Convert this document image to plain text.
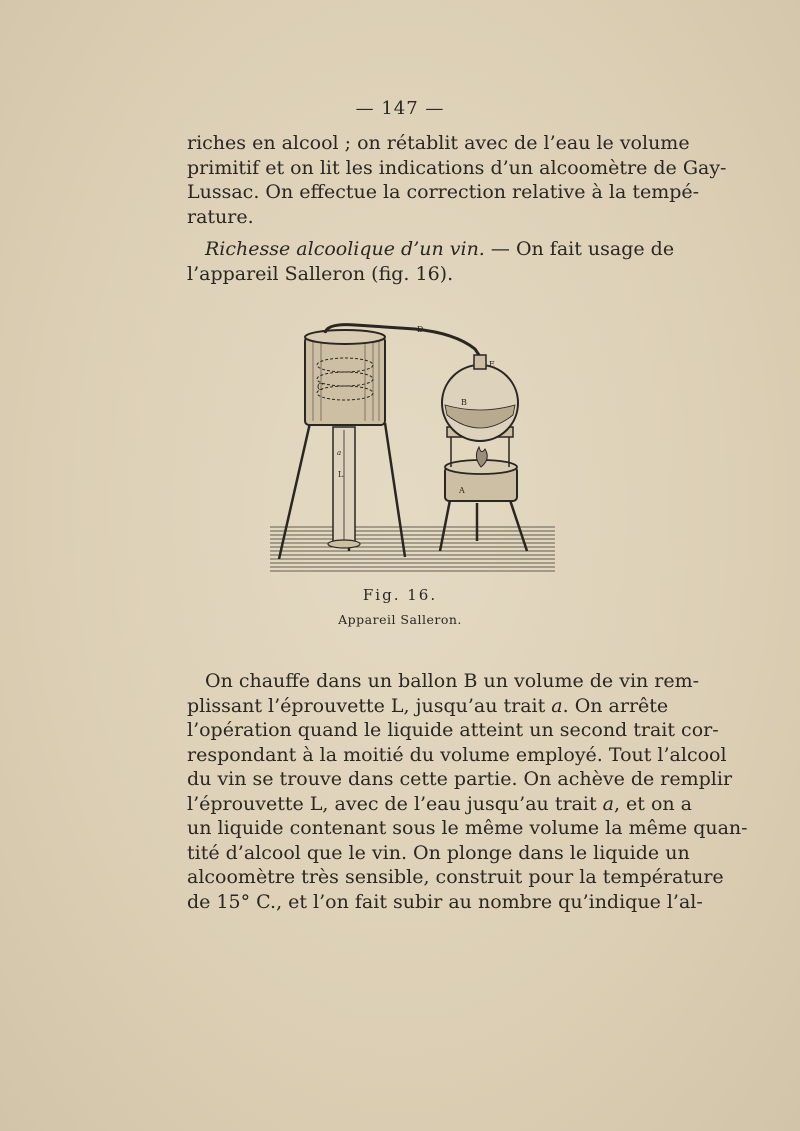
— 147 —
riches en alcool ; on rétablit avec de l’eau le volume
primitif et on lit les indications d’un alcoomètre de Gay-
Lussac. On effectue la correction relative à la tempé-
rature.
Richesse alcoolique d’un vin. — On fait usage de
l’appareil Salleron (fig. 16).
C
D
L
a
A
B
E
Fig. 16.
Appareil Salleron.
On chauffe dans un ballon B un volume de vin rem-
plissant l’éprouvette L, jusqu’au trait a. On arrête
l’opération quand le liquide atteint un second trait cor-
respondant à la moitié du volume employé. Tout l’alcool
du vin se trouve dans cette partie. On achève de remplir
l’éprouvette L, avec de l’eau jusqu’au trait a, et on a
un liquide contenant sous le même volume la même quan-
tité d’alcool que le vin. On plonge dans le liquide un
alcoomètre très sensible, construit pour la température
de 15° C., et l’on fait subir au nombre qu’indique l’al-
